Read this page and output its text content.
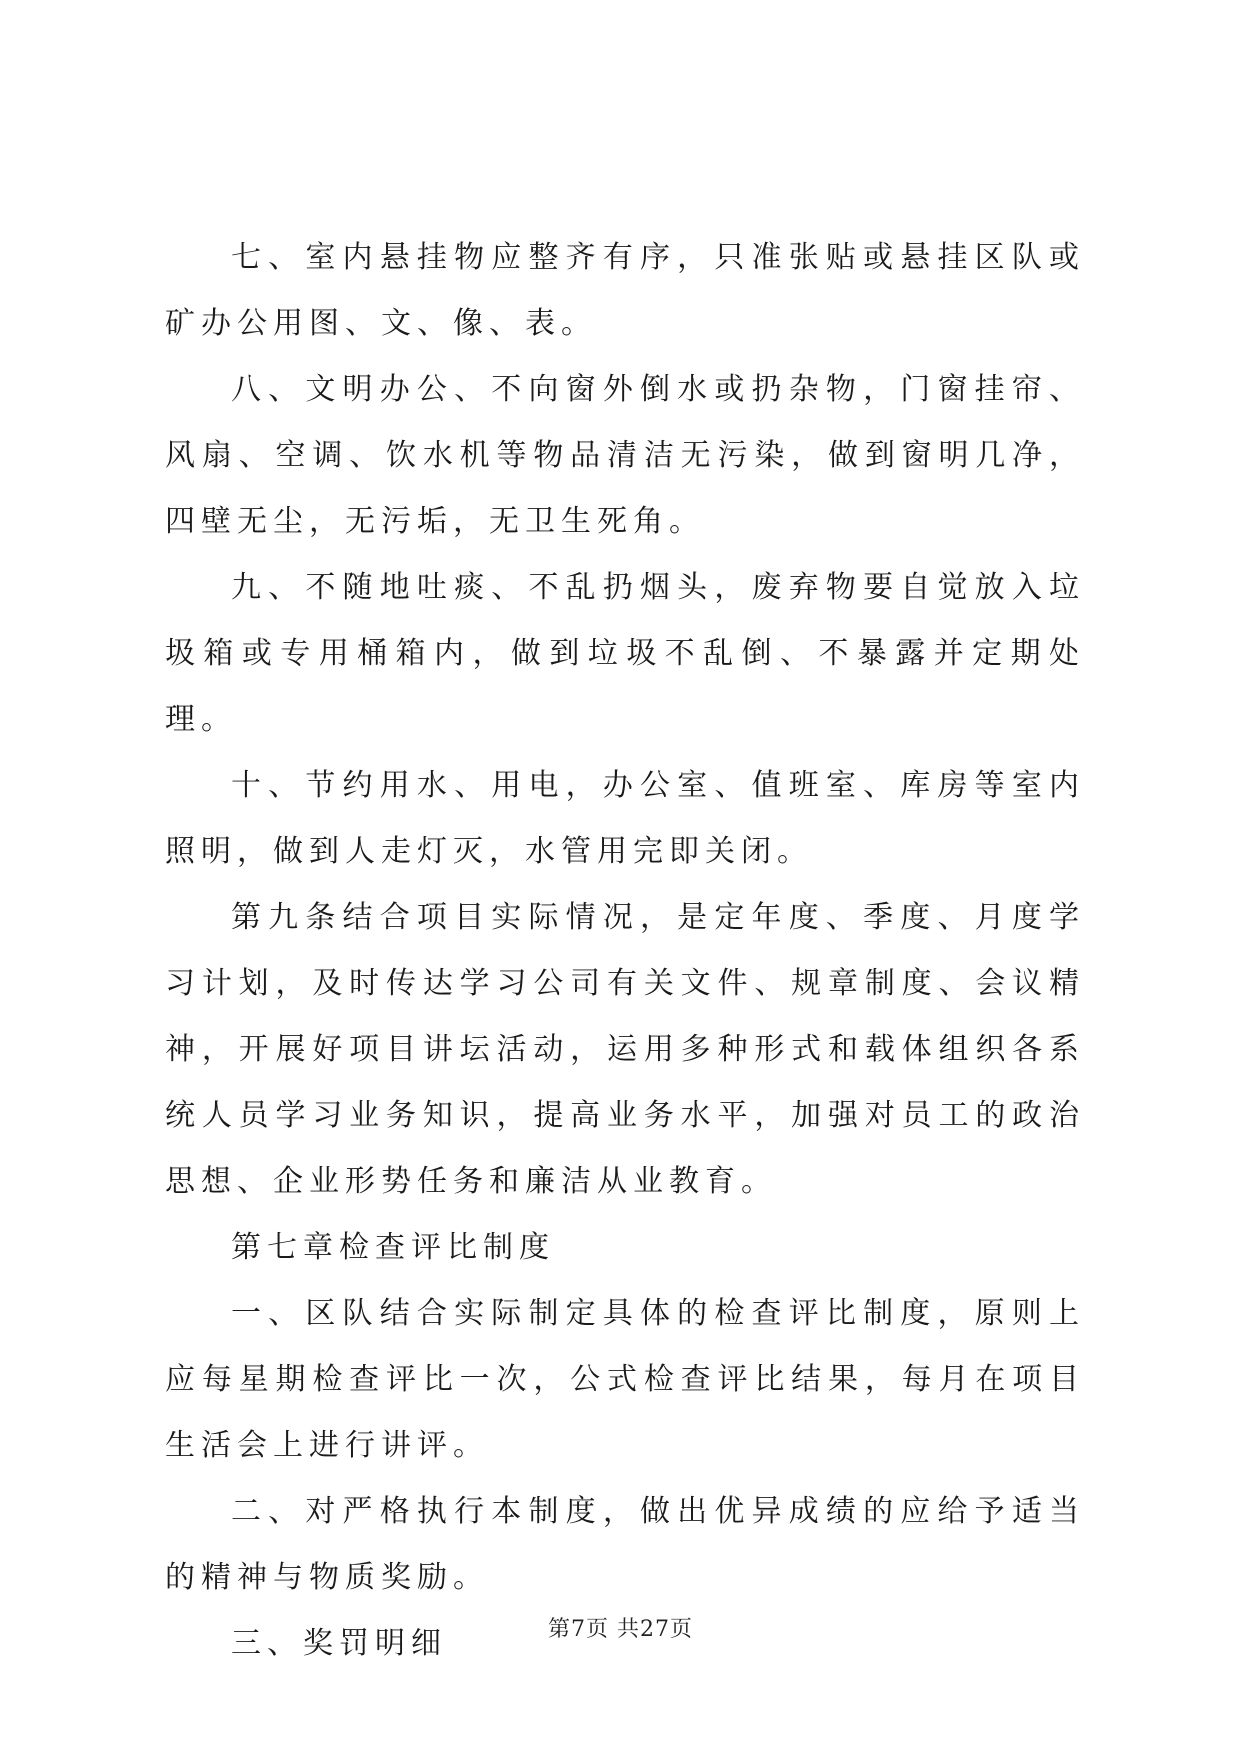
七、室内悬挂物应整齐有序，只准张贴或悬挂区队或矿办公用图、文、像、表。

八、文明办公、不向窗外倒水或扔杂物，门窗挂帘、风扇、空调、饮水机等物品清洁无污染，做到窗明几净，四壁无尘，无污垢，无卫生死角。

九、不随地吐痰、不乱扔烟头，废弃物要自觉放入垃圾箱或专用桶箱内，做到垃圾不乱倒、不暴露并定期处理。

十、节约用水、用电，办公室、值班室、库房等室内照明，做到人走灯灭，水管用完即关闭。

第九条结合项目实际情况，是定年度、季度、月度学习计划，及时传达学习公司有关文件、规章制度、会议精神，开展好项目讲坛活动，运用多种形式和载体组织各系统人员学习业务知识，提高业务水平，加强对员工的政治思想、企业形势任务和廉洁从业教育。

第七章检查评比制度

一、区队结合实际制定具体的检查评比制度，原则上应每星期检查评比一次，公式检查评比结果，每月在项目生活会上进行讲评。

二、对严格执行本制度，做出优异成绩的应给予适当的精神与物质奖励。

三、奖罚明细	第7页 共27页
